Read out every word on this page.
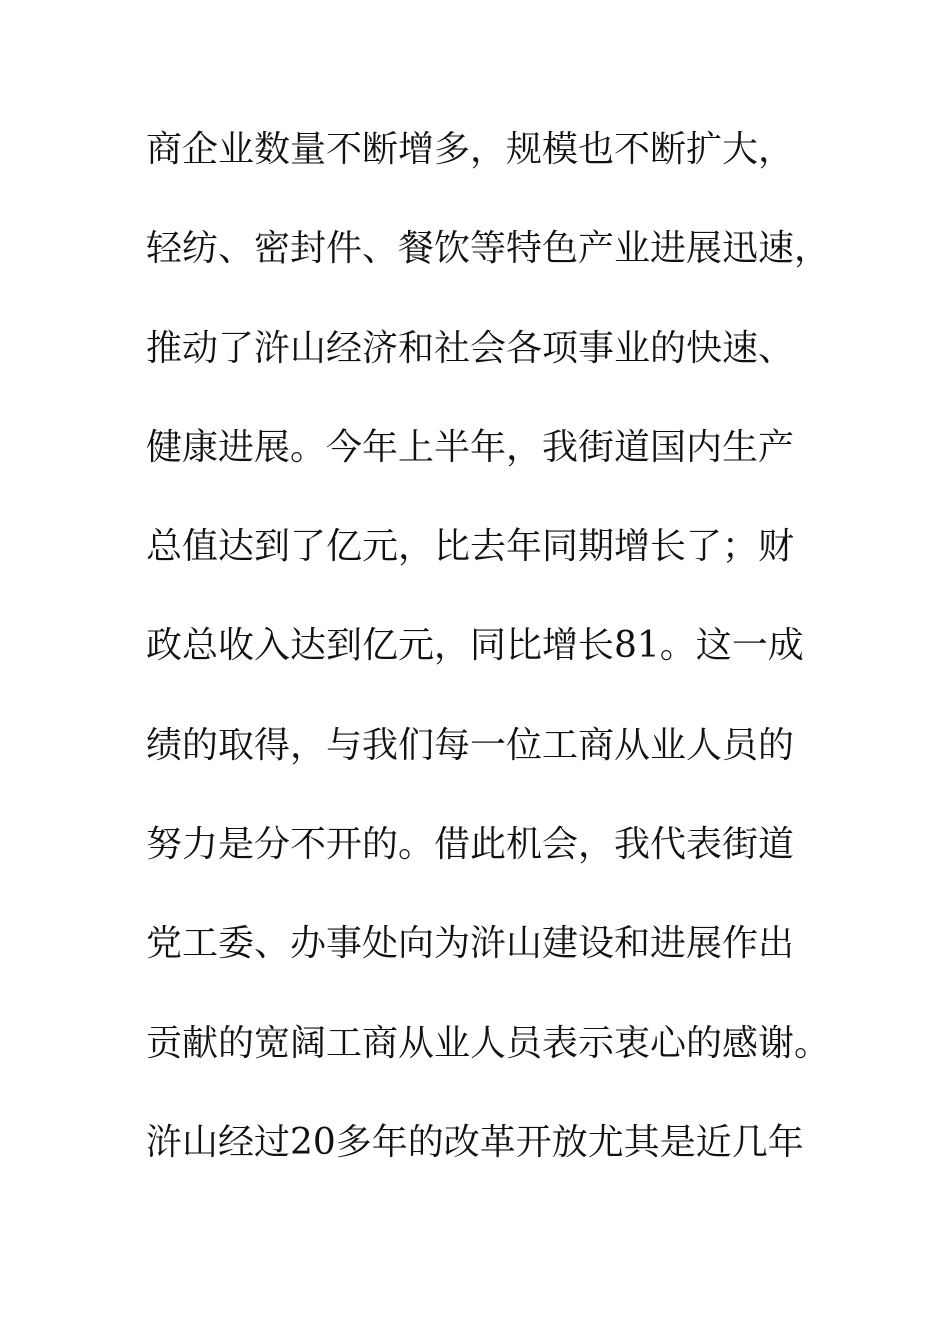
商企业数量不断增多，规模也不断扩大，
轻纺、密封件、餐饮等特色产业进展迅速，
推动了浒山经济和社会各项事业的快速、
健康进展。今年上半年，我街道国内生产
总值达到了亿元，比去年同期增长了；财
政总收入达到亿元，同比增长81。这一成
绩的取得，与我们每一位工商从业人员的
努力是分不开的。借此机会，我代表街道
党工委、办事处向为浒山建设和进展作出
贡献的宽阔工商从业人员表示衷心的感谢。
浒山经过20多年的改革开放尤其是近几年
